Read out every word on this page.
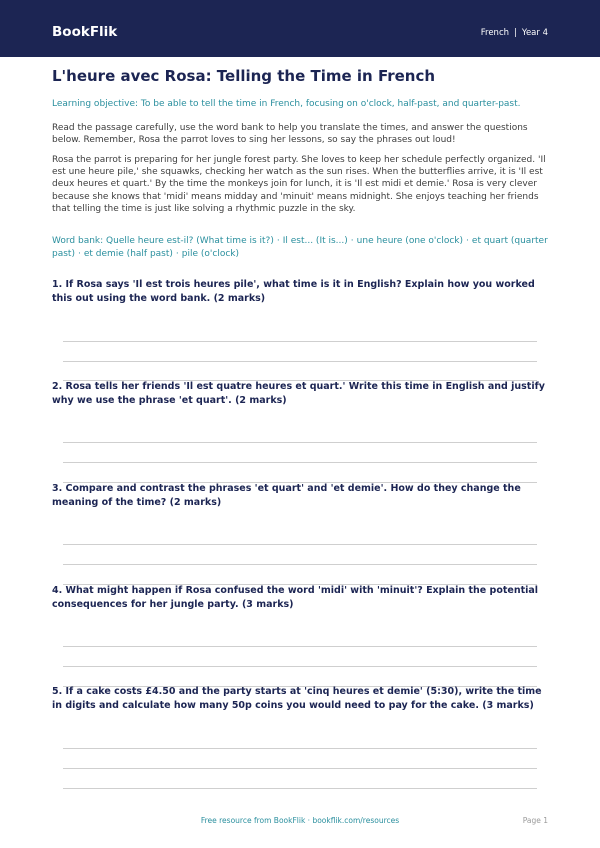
BookFlik	French | Year 4
L'heure avec Rosa: Telling the Time in French
Learning objective: To be able to tell the time in French, focusing on o'clock, half-past, and quarter-past.
Read the passage carefully, use the word bank to help you translate the times, and answer the questions below. Remember, Rosa the parrot loves to sing her lessons, so say the phrases out loud!
Rosa the parrot is preparing for her jungle forest party. She loves to keep her schedule perfectly organized. 'Il est une heure pile,' she squawks, checking her watch as the sun rises. When the butterflies arrive, it is 'Il est deux heures et quart.' By the time the monkeys join for lunch, it is 'Il est midi et demie.' Rosa is very clever because she knows that 'midi' means midday and 'minuit' means midnight. She enjoys teaching her friends that telling the time is just like solving a rhythmic puzzle in the sky.
Word bank: Quelle heure est-il? (What time is it?) · Il est... (It is...) · une heure (one o'clock) · et quart (quarter past) · et demie (half past) · pile (o'clock)
1. If Rosa says 'Il est trois heures pile', what time is it in English? Explain how you worked this out using the word bank. (2 marks)
2. Rosa tells her friends 'Il est quatre heures et quart.' Write this time in English and justify why we use the phrase 'et quart'. (2 marks)
3. Compare and contrast the phrases 'et quart' and 'et demie'. How do they change the meaning of the time? (2 marks)
4. What might happen if Rosa confused the word 'midi' with 'minuit'? Explain the potential consequences for her jungle party. (3 marks)
5. If a cake costs £4.50 and the party starts at 'cinq heures et demie' (5:30), write the time in digits and calculate how many 50p coins you would need to pay for the cake. (3 marks)
Free resource from BookFlik · bookflik.com/resources	Page 1
